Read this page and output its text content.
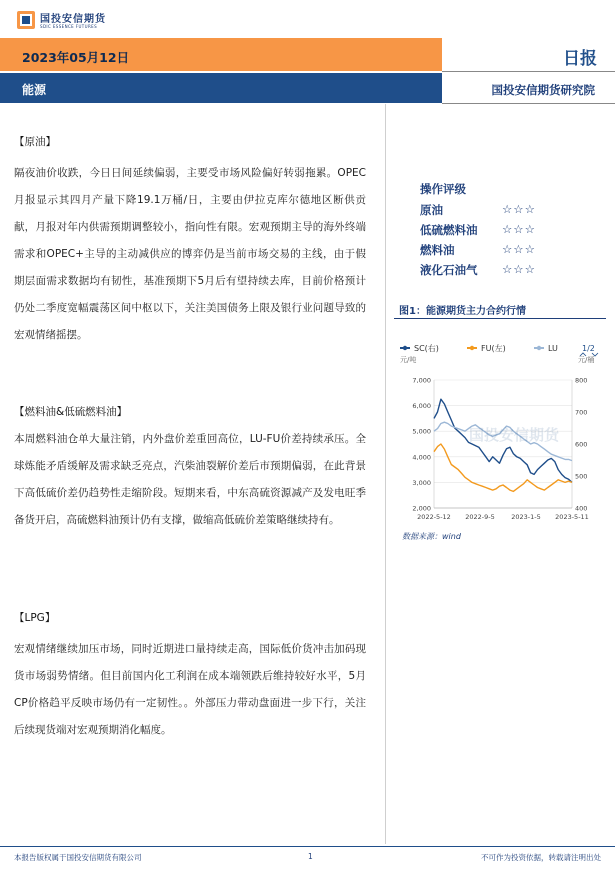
国投安信期货
SDIC ESSENCE FUTURES
2023年05月12日	日报
能源	国投安信期货研究院
【原油】
隔夜油价收跌，今日日间延续偏弱，主要受市场风险偏好转弱拖累。OPEC月报显示其四月产量下降19.1万桶/日，主要由伊拉克库尔德地区断供贡献，月报对年内供需预期调整较小，指向性有限。宏观预期主导的海外终端需求和OPEC+主导的主动减供应的博弈仍是当前市场交易的主线，由于假期层面需求数据均有韧性，基准预期下5月后有望持续去库，目前价格预计仍处二季度宽幅震荡区间中枢以下，关注美国债务上限及银行业问题导致的宏观情绪摇摆。
【燃料油&低硫燃料油】
本周燃料油仓单大量注销，内外盘价差重回高位，LU-FU价差持续承压。全球炼能矛盾缓解及需求缺乏亮点，汽柴油裂解价差后市预期偏弱，在此背景下高低硫价差仍趋势性走缩阶段。短期来看，中东高硫资源减产及发电旺季备货开启，高硫燃料油预计仍有支撑，做缩高低硫价差策略继续持有。
【LPG】
宏观情绪继续加压市场，同时近期进口量持续走高，国际低价货冲击加码现货市场弱势情绪。但目前国内化工利润在成本端领跌后维持较好水平，5月CP价格趋平反映市场仍有一定韧性。。外部压力带动盘面进一步下行，关注后续现货端对宏观预期消化幅度。
操作评级
原油	☆☆☆
低硫燃料油 ☆☆☆
燃料油	☆☆☆
液化石油气 ☆☆☆
图1：能源期货主力合约行情
SC(右)	FU(左)	LU	1/2
元/吨	元/桶
2,000
3,000
4,000
5,000
6,000
7,000
400
500
600
700
800
2022-5-12 2022-9-5	2023-1-5 2023-5-11
国投安信期货
数据来源：wind
本报告版权属于国投安信期货有限公司	1	不可作为投资依据，转载请注明出处
